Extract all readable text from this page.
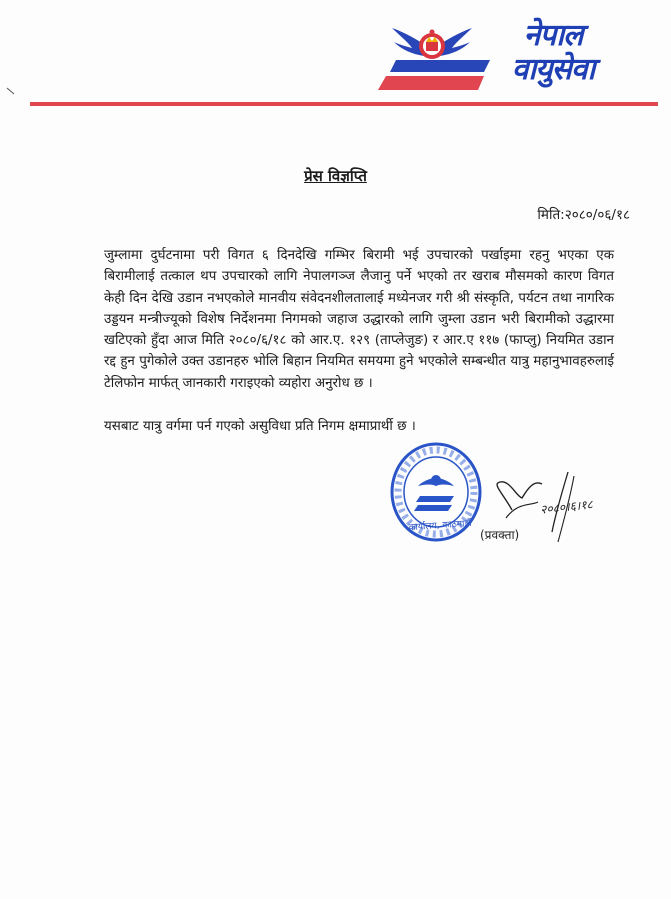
नेपाल
वायुसेवा
प्रेस विज्ञप्ति
मिति:२०८०/०६/१८
जुम्लामा दुर्घटनामा परी विगत ६ दिनदेखि गम्भिर बिरामी भई उपचारको पर्खाइमा रहनु भएका एक बिरामीलाई तत्काल थप उपचारको लागि नेपालगञ्ज लैजानु पर्ने भएको तर खराब मौसमको कारण विगत केही दिन देखि उडान नभएकोले मानवीय संवेदनशीलतालाई मध्येनजर गरी श्री संस्कृति, पर्यटन तथा नागरिक उड्डयन मन्त्रीज्यूको विशेष निर्देशनमा निगमको जहाज उद्धारको लागि जुम्ला उडान भरी बिरामीको उद्धारमा खटिएको हुँदा आज मिति २०८०/६/१८ को आर.ए. १२९ (ताप्लेजुङ) र आर.ए ११७ (फाप्लु) नियमित उडान रद्द हुन पुगेकोले उक्त उडानहरु भोलि बिहान नियमित समयमा हुने भएकोले सम्बन्धीत यात्रु महानुभावहरुलाई टेलिफोन मार्फत् जानकारी गराइएको व्यहोरा अनुरोध छ ।
यसबाट यात्रु वर्गमा पर्न गएको असुविधा प्रति निगम क्षमाप्रार्थी छ ।
कार्यालय, काठमाडौं
२०८०।६।१८
(प्रवक्ता)
